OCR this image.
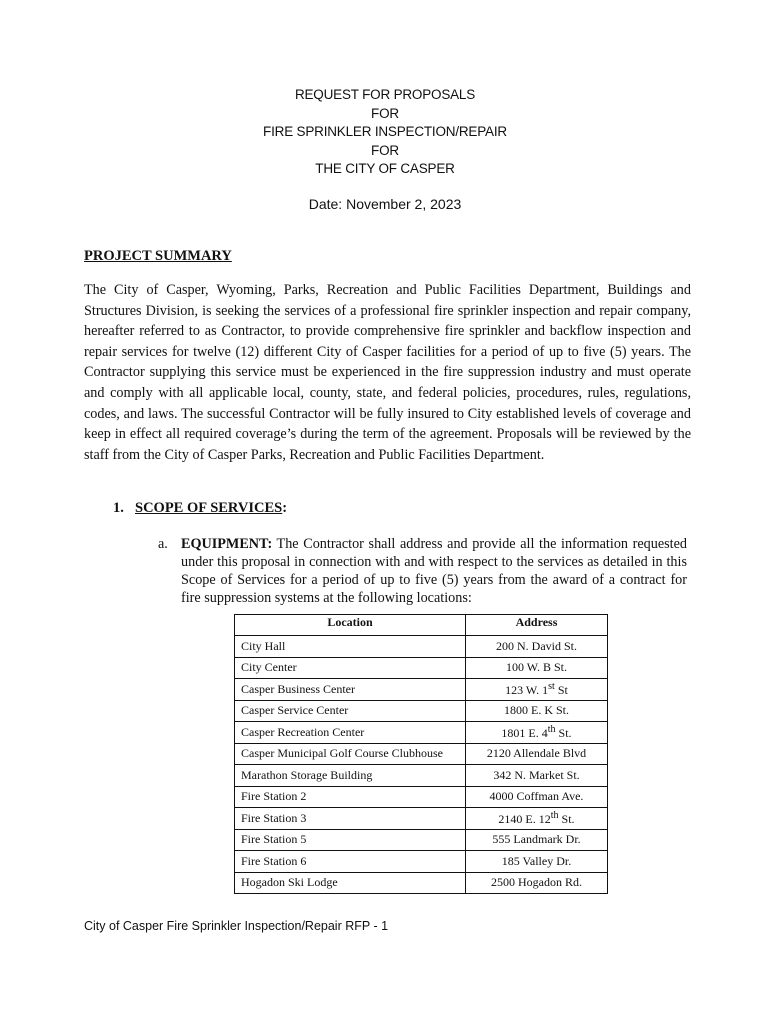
REQUEST FOR PROPOSALS
FOR
FIRE SPRINKLER INSPECTION/REPAIR
FOR
THE CITY OF CASPER
Date: November 2, 2023
PROJECT SUMMARY

The City of Casper, Wyoming, Parks, Recreation and Public Facilities Department, Buildings and Structures Division, is seeking the services of a professional fire sprinkler inspection and repair company, hereafter referred to as Contractor, to provide comprehensive fire sprinkler and backflow inspection and repair services for twelve (12) different City of Casper facilities for a period of up to five (5) years. The Contractor supplying this service must be experienced in the fire suppression industry and must operate and comply with all applicable local, county, state, and federal policies, procedures, rules, regulations, codes, and laws. The successful Contractor will be fully insured to City established levels of coverage and keep in effect all required coverage’s during the term of the agreement. Proposals will be reviewed by the staff from the City of Casper Parks, Recreation and Public Facilities Department.

1. SCOPE OF SERVICES:
a. EQUIPMENT: The Contractor shall address and provide all the information requested under this proposal in connection with and with respect to the services as detailed in this Scope of Services for a period of up to five (5) years from the award of a contract for fire suppression systems at the following locations:
Location	Address
City Hall	200 N. David St.
City Center	100 W. B St.
Casper Business Center	123 W. 1st St
Casper Service Center	1800 E. K St.
Casper Recreation Center	1801 E. 4th St.
Casper Municipal Golf Course Clubhouse	2120 Allendale Blvd
Marathon Storage Building	342 N. Market St.
Fire Station 2	4000 Coffman Ave.
Fire Station 3	2140 E. 12th St.
Fire Station 5	555 Landmark Dr.
Fire Station 6	185 Valley Dr.
Hogadon Ski Lodge	2500 Hogadon Rd.
City of Casper Fire Sprinkler Inspection/Repair RFP - 1
